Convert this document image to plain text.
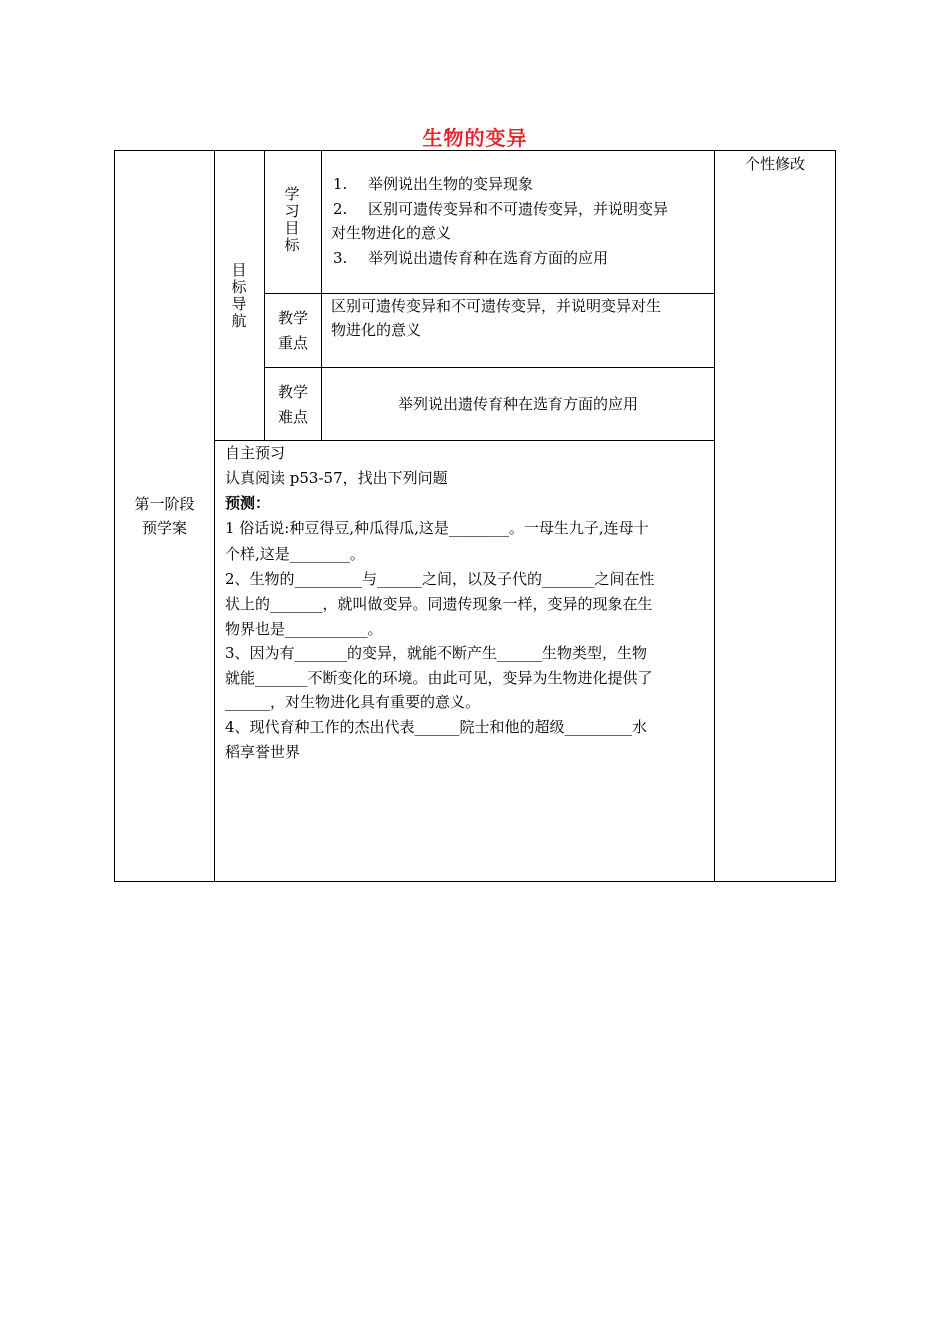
生物的变异
第一阶段
预学案
个性修改
目
标
导
航
学
习
目
标
1. 举例说出生物的变异现象
2. 区别可遗传变异和不可遗传变异，并说明变异
对生物进化的意义
3. 举列说出遗传育种在选育方面的应用
教学
重点
区别可遗传变异和不可遗传变异，并说明变异对生
物进化的意义
教学
难点
举列说出遗传育种在选育方面的应用
自主预习
认真阅读 p53-57，找出下列问题
预测：
1 俗话说:种豆得豆,种瓜得瓜,这是________。一母生九子,连母十
个样,这是________。
2、生物的_________与______之间，以及子代的_______之间在性
状上的_______，就叫做变异。同遗传现象一样，变异的现象在生
物界也是___________。
3、因为有_______的变异，就能不断产生______生物类型，生物
就能_______不断变化的环境。由此可见，变异为生物进化提供了
______，对生物进化具有重要的意义。
4、现代育种工作的杰出代表______院士和他的超级_________水
稻享誉世界
